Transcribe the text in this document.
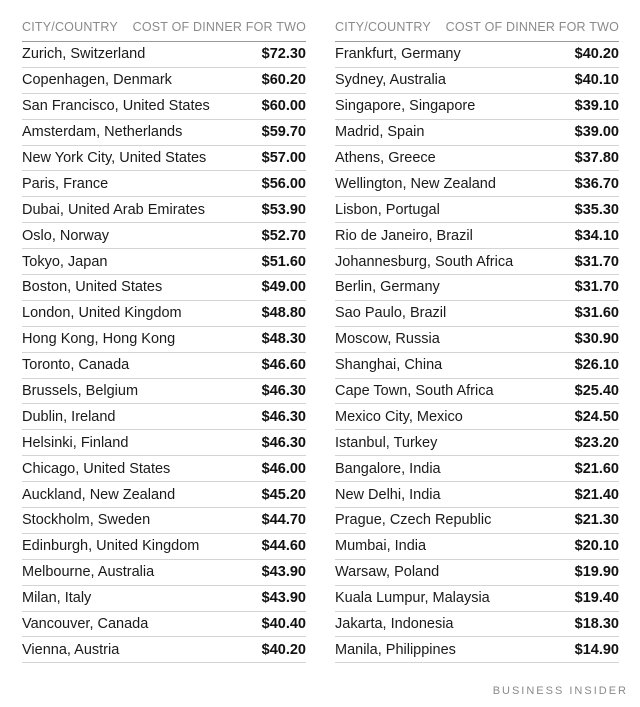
CITY/COUNTRY COST OF DINNER FOR TWO
Zurich, Switzerland	$72.30
Copenhagen, Denmark	$60.20
San Francisco, United States	$60.00
Amsterdam, Netherlands	$59.70
New York City, United States	$57.00
Paris, France	$56.00
Dubai, United Arab Emirates	$53.90
Oslo, Norway	$52.70
Tokyo, Japan	$51.60
Boston, United States	$49.00
London, United Kingdom	$48.80
Hong Kong, Hong Kong	$48.30
Toronto, Canada	$46.60
Brussels, Belgium	$46.30
Dublin, Ireland	$46.30
Helsinki, Finland	$46.30
Chicago, United States	$46.00
Auckland, New Zealand	$45.20
Stockholm, Sweden	$44.70
Edinburgh, United Kingdom	$44.60
Melbourne, Australia	$43.90
Milan, Italy	$43.90
Vancouver, Canada	$40.40
Vienna, Austria	$40.20
CITY/COUNTRY COST OF DINNER FOR TWO
Frankfurt, Germany	$40.20
Sydney, Australia	$40.10
Singapore, Singapore	$39.10
Madrid, Spain	$39.00
Athens, Greece	$37.80
Wellington, New Zealand	$36.70
Lisbon, Portugal	$35.30
Rio de Janeiro, Brazil	$34.10
Johannesburg, South Africa	$31.70
Berlin, Germany	$31.70
Sao Paulo, Brazil	$31.60
Moscow, Russia	$30.90
Shanghai, China	$26.10
Cape Town, South Africa	$25.40
Mexico City, Mexico	$24.50
Istanbul, Turkey	$23.20
Bangalore, India	$21.60
New Delhi, India	$21.40
Prague, Czech Republic	$21.30
Mumbai, India	$20.10
Warsaw, Poland	$19.90
Kuala Lumpur, Malaysia	$19.40
Jakarta, Indonesia	$18.30
Manila, Philippines	$14.90
BUSINESS INSIDER
